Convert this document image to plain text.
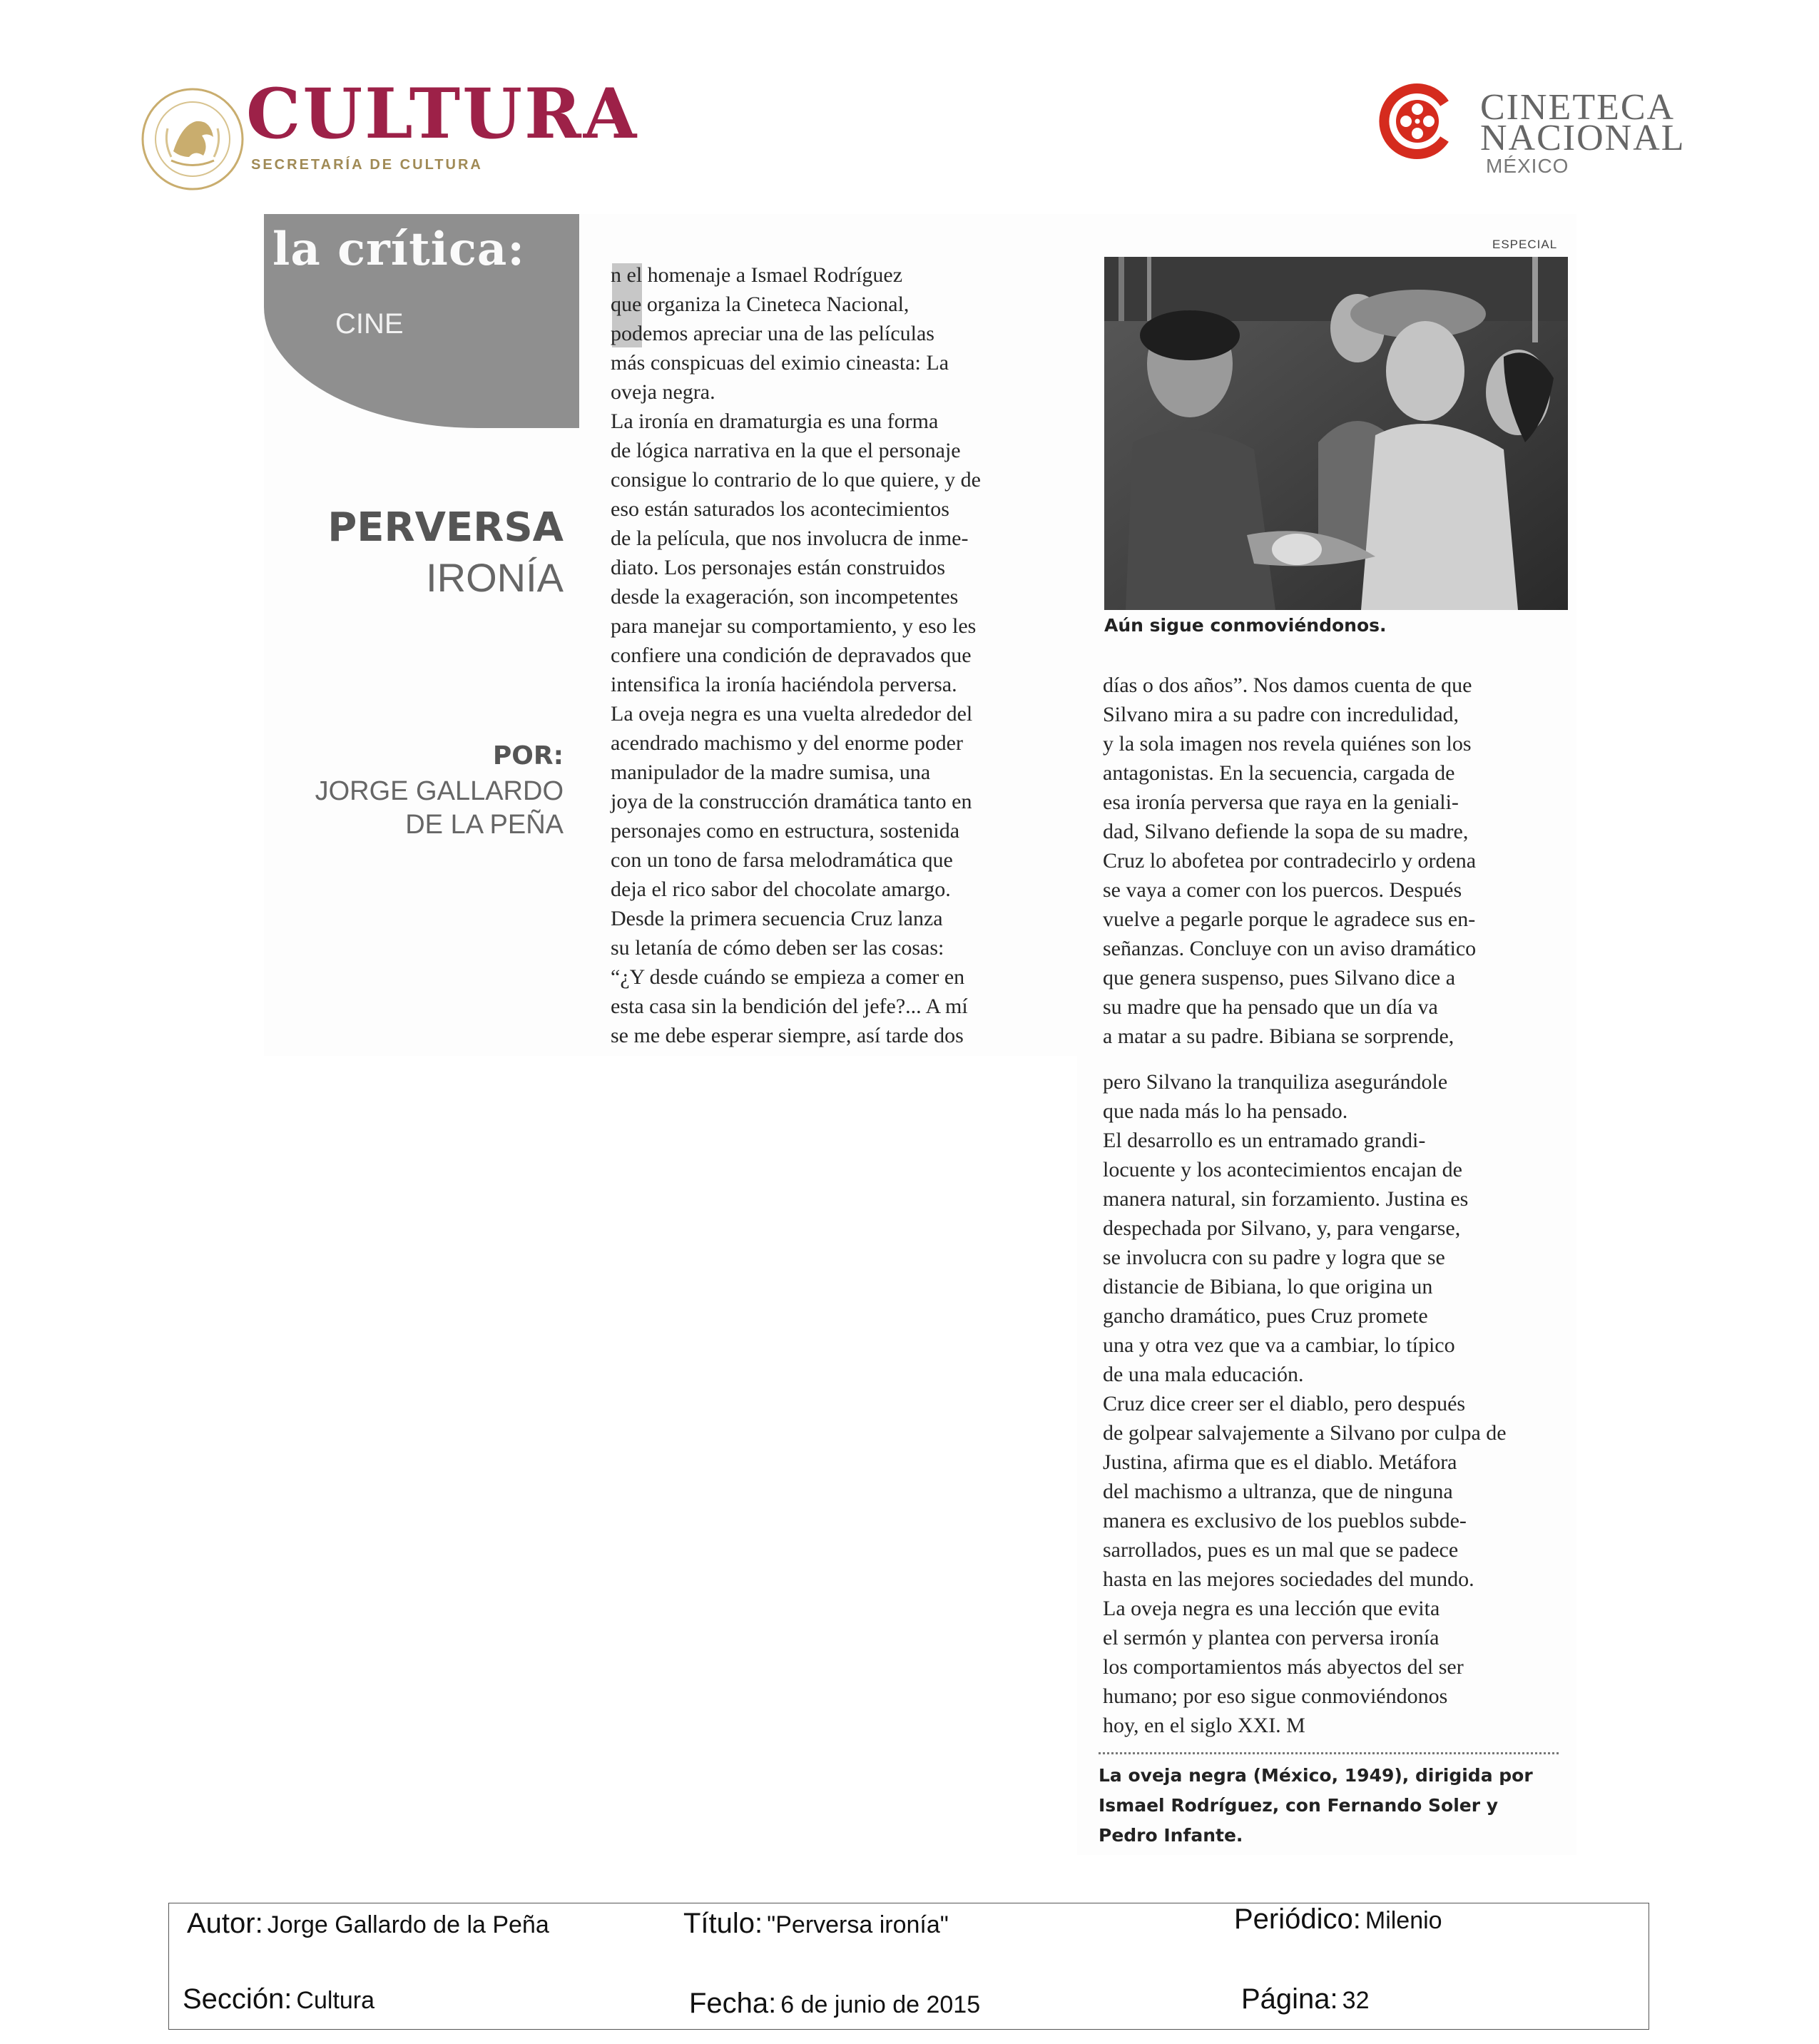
CULTURA
SECRETARÍA DE CULTURA
CINETECA
NACIONAL
MÉXICO
la crítica:
CINE
PERVERSA
IRONÍA
POR:
JORGE GALLARDO
DE LA PEÑA
n el homenaje a Ismael Rodríguez
que organiza la Cineteca Nacional,
podemos apreciar una de las películas
más conspicuas del eximio cineasta: La
oveja negra.
La ironía en dramaturgia es una forma
de lógica narrativa en la que el personaje
consigue lo contrario de lo que quiere, y de
eso están saturados los acontecimientos
de la película, que nos involucra de inme-
diato. Los personajes están construidos
desde la exageración, son incompetentes
para manejar su comportamiento, y eso les
confiere una condición de depravados que
intensifica la ironía haciéndola perversa.
La oveja negra es una vuelta alrededor del
acendrado machismo y del enorme poder
manipulador de la madre sumisa, una
joya de la construcción dramática tanto en
personajes como en estructura, sostenida
con un tono de farsa melodramática que
deja el rico sabor del chocolate amargo.
Desde la primera secuencia Cruz lanza
su letanía de cómo deben ser las cosas:
“¿Y desde cuándo se empieza a comer en
esta casa sin la bendición del jefe?... A mí
se me debe esperar siempre, así tarde dos
ESPECIAL
Aún sigue conmoviéndonos.
días o dos años”. Nos damos cuenta de que
Silvano mira a su padre con incredulidad,
y la sola imagen nos revela quiénes son los
antagonistas. En la secuencia, cargada de
esa ironía perversa que raya en la geniali-
dad, Silvano defiende la sopa de su madre,
Cruz lo abofetea por contradecirlo y ordena
se vaya a comer con los puercos. Después
vuelve a pegarle porque le agradece sus en-
señanzas. Concluye con un aviso dramático
que genera suspenso, pues Silvano dice a
su madre que ha pensado que un día va
a matar a su padre. Bibiana se sorprende,
pero Silvano la tranquiliza asegurándole
que nada más lo ha pensado.
El desarrollo es un entramado grandi-
locuente y los acontecimientos encajan de
manera natural, sin forzamiento. Justina es
despechada por Silvano, y, para vengarse,
se involucra con su padre y logra que se
distancie de Bibiana, lo que origina un
gancho dramático, pues Cruz promete
una y otra vez que va a cambiar, lo típico
de una mala educación.
Cruz dice creer ser el diablo, pero después
de golpear salvajemente a Silvano por culpa de
Justina, afirma que es el diablo. Metáfora
del machismo a ultranza, que de ninguna
manera es exclusivo de los pueblos subde-
sarrollados, pues es un mal que se padece
hasta en las mejores sociedades del mundo.
La oveja negra es una lección que evita
el sermón y plantea con perversa ironía
los comportamientos más abyectos del ser
humano; por eso sigue conmoviéndonos
hoy, en el siglo XXI. M
La oveja negra (México, 1949), dirigida por
Ismael Rodríguez, con Fernando Soler y
Pedro Infante.
Autor: Jorge Gallardo de la Peña	Título: "Perversa ironía"	Periódico: Milenio
Sección: Cultura	Fecha: 6 de junio de 2015	Página: 32
